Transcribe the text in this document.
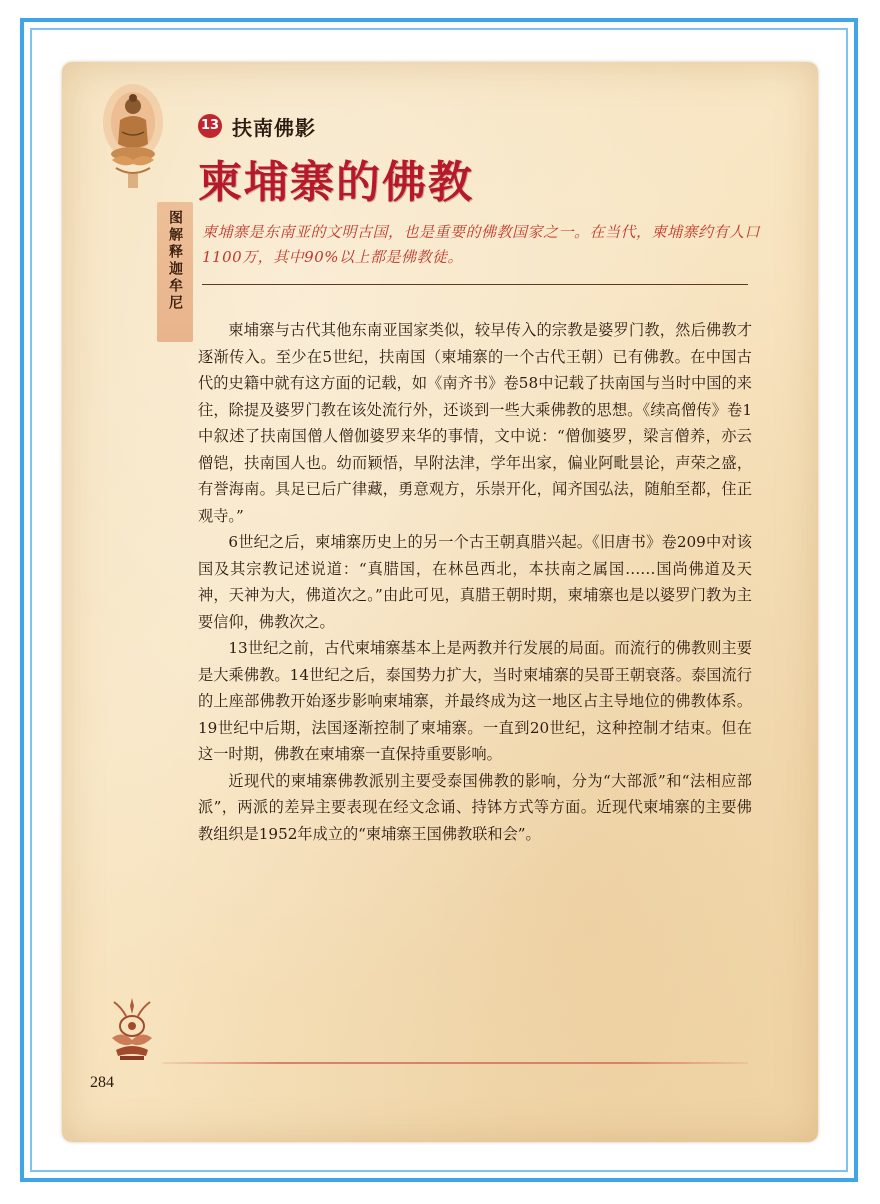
图解释迦牟尼
13 扶南佛影
柬埔寨的佛教
柬埔寨是东南亚的文明古国，也是重要的佛教国家之一。在当代，柬埔寨约有人口1100万，其中90%以上都是佛教徒。

柬埔寨与古代其他东南亚国家类似，较早传入的宗教是婆罗门教，然后佛教才逐渐传入。至少在5世纪，扶南国（柬埔寨的一个古代王朝）已有佛教。在中国古代的史籍中就有这方面的记载，如《南齐书》卷58中记载了扶南国与当时中国的来往，除提及婆罗门教在该处流行外，还谈到一些大乘佛教的思想。《续高僧传》卷1中叙述了扶南国僧人僧伽婆罗来华的事情，文中说：“僧伽婆罗，梁言僧养，亦云僧铠，扶南国人也。幼而颖悟，早附法津，学年出家，偏业阿毗昙论，声荣之盛，有誉海南。具足已后广律藏，勇意观方，乐崇开化，闻齐国弘法，随舶至都，住正观寺。”

6世纪之后，柬埔寨历史上的另一个古王朝真腊兴起。《旧唐书》卷209中对该国及其宗教记述说道：“真腊国，在林邑西北，本扶南之属国……国尚佛道及天神，天神为大，佛道次之。”由此可见，真腊王朝时期，柬埔寨也是以婆罗门教为主要信仰，佛教次之。

13世纪之前，古代柬埔寨基本上是两教并行发展的局面。而流行的佛教则主要是大乘佛教。14世纪之后，泰国势力扩大，当时柬埔寨的吴哥王朝衰落。泰国流行的上座部佛教开始逐步影响柬埔寨，并最终成为这一地区占主导地位的佛教体系。19世纪中后期，法国逐渐控制了柬埔寨。一直到20世纪，这种控制才结束。但在这一时期，佛教在柬埔寨一直保持重要影响。

近现代的柬埔寨佛教派别主要受泰国佛教的影响，分为“大部派”和“法相应部派”，两派的差异主要表现在经文念诵、持钵方式等方面。近现代柬埔寨的主要佛教组织是1952年成立的“柬埔寨王国佛教联和会”。

284
